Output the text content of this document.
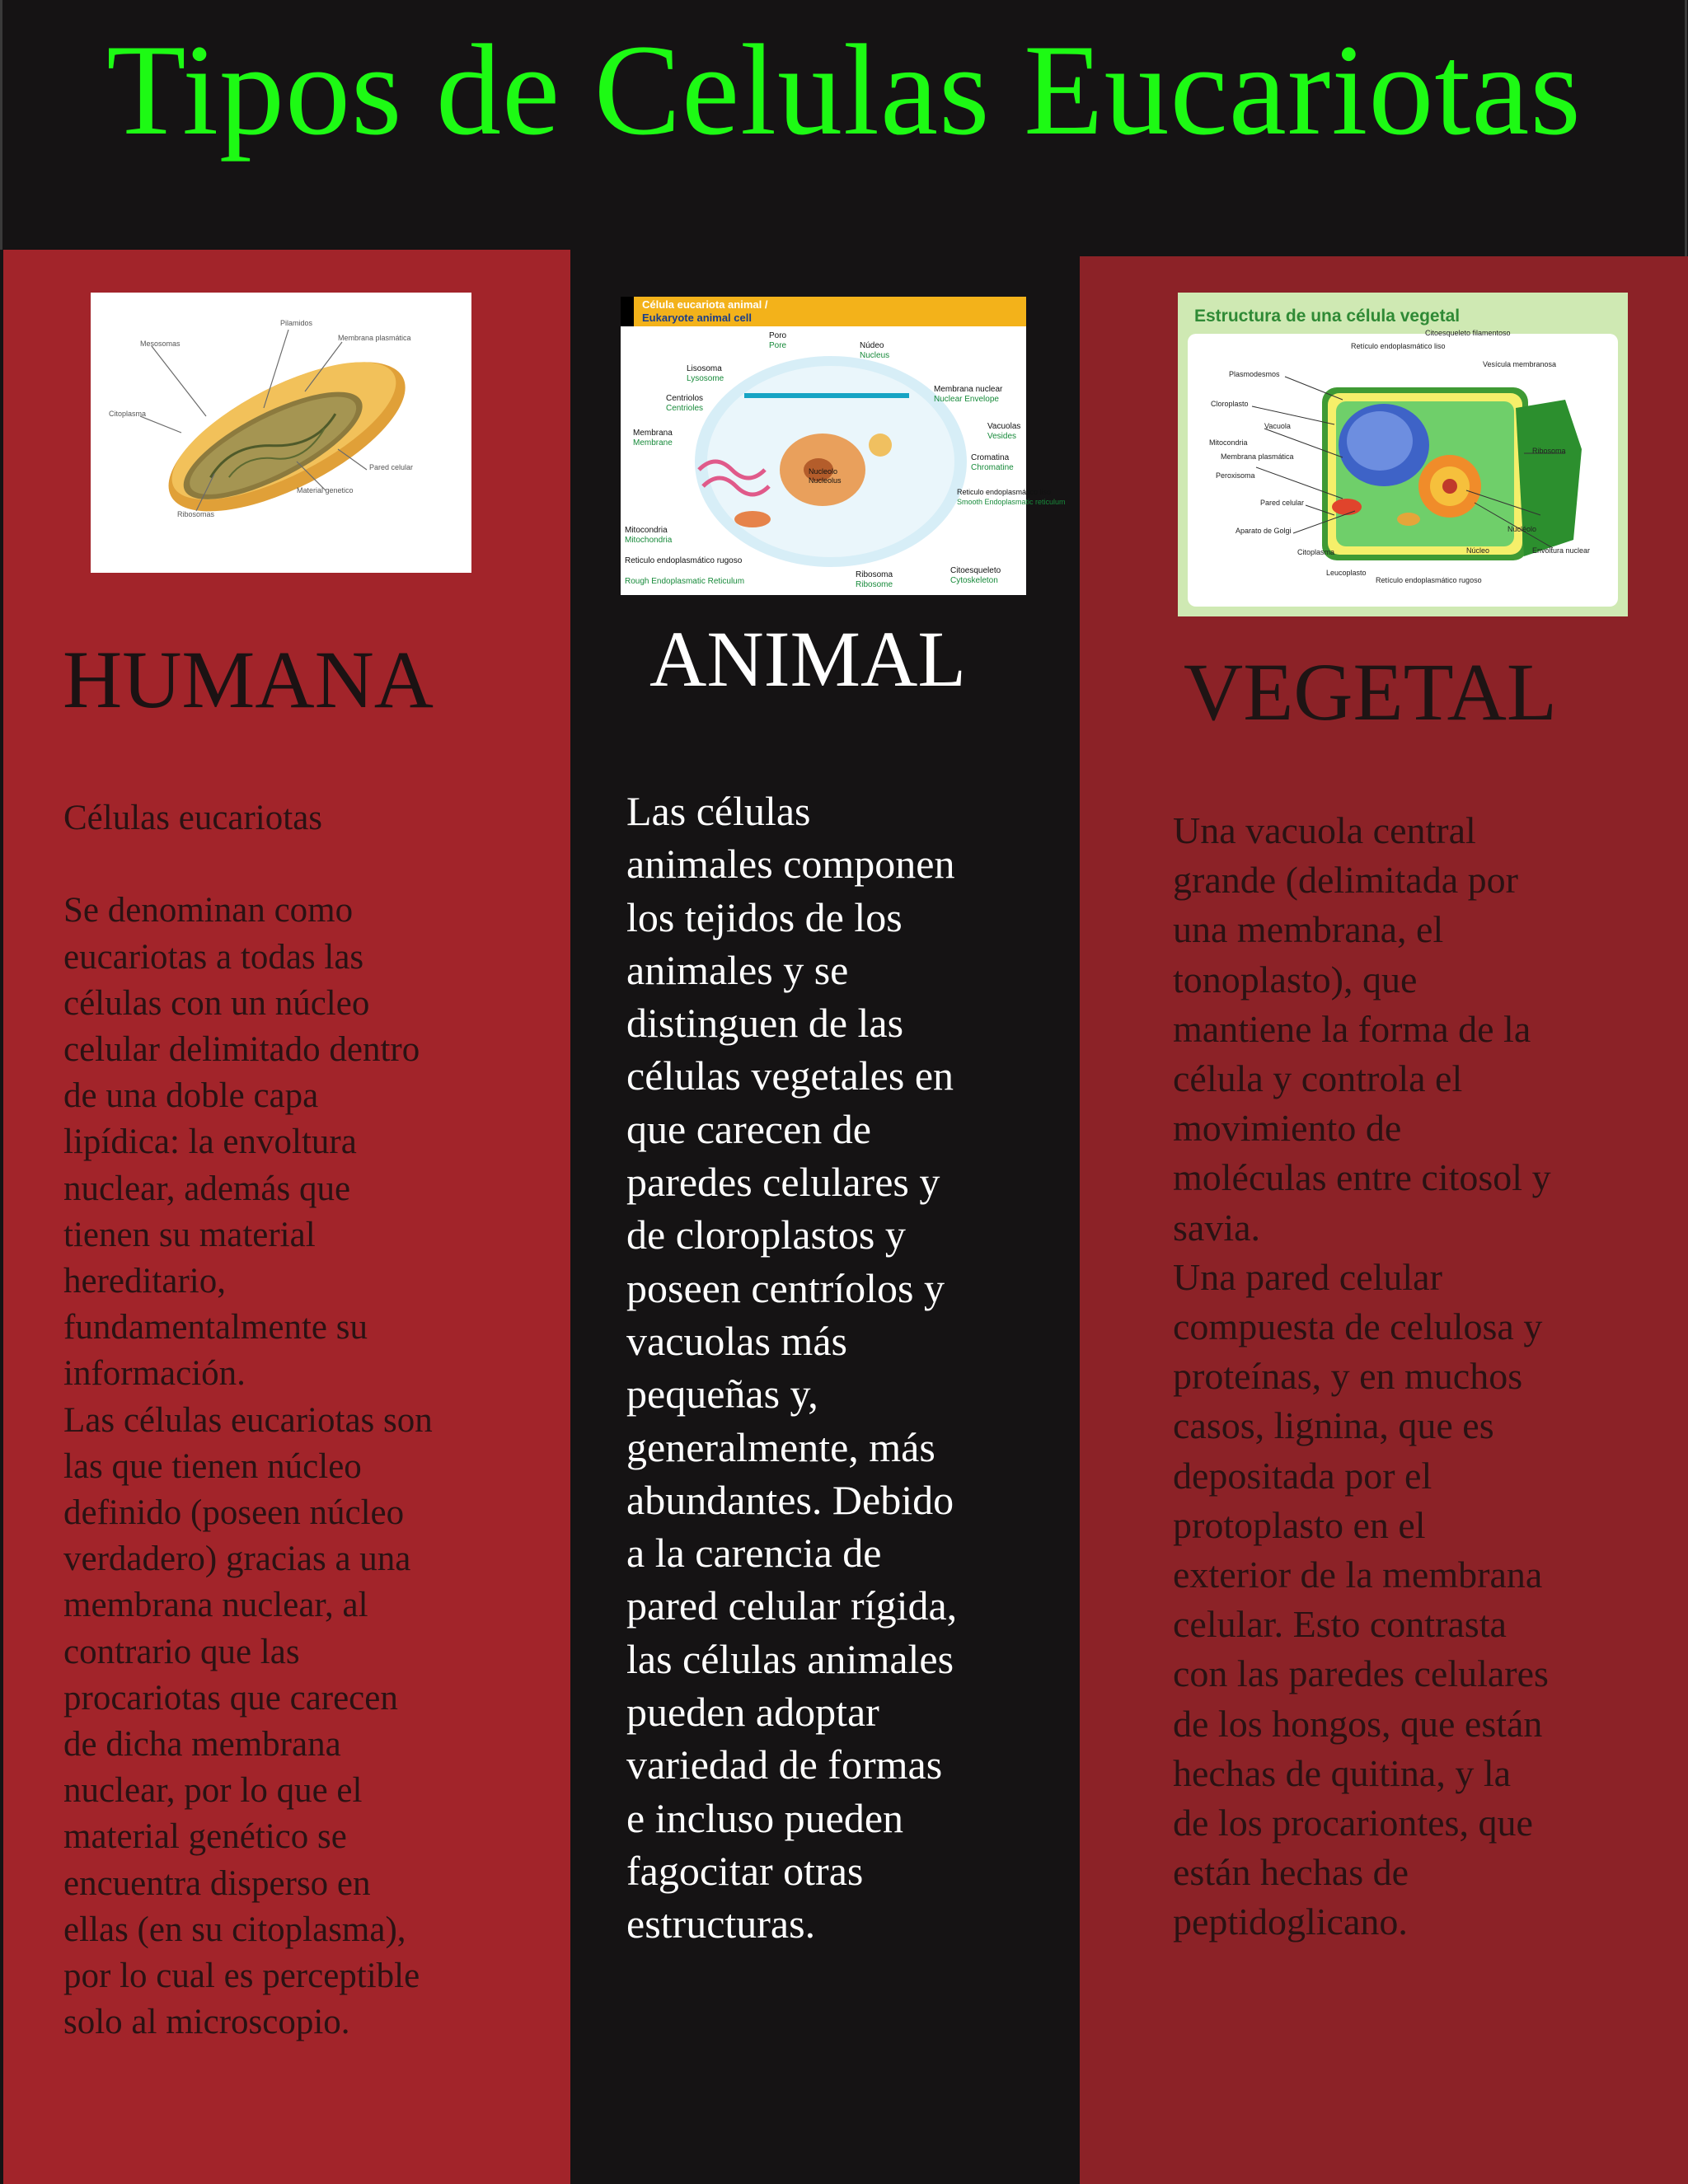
Tipos de Celulas Eucariotas
Mesosomas
Pilamidos
Membrana plasmática
Citoplasma
Pared celular
Material genetico
Ribosomas
HUMANA
Células eucariotas

Se denominan como
eucariotas a todas las
células con un núcleo
celular delimitado dentro
de una doble capa
lipídica: la envoltura
nuclear, además que
tienen su material
hereditario,
fundamentalmente su
información.
Las células eucariotas son
las que tienen núcleo
definido (poseen núcleo
verdadero) gracias a una
membrana nuclear, al
contrario que las
procariotas que carecen
de dicha membrana
nuclear, por lo que el
material genético se
encuentra disperso en
ellas (en su citoplasma),
por lo cual es perceptible
solo al microscopio.
Célula eucariota animal /
Eukaryote animal cell
Poro
Pore	Núdeo
Nucleus
Lisosoma
Lysosome
Membrana nuclear
Nuclear Envelope
Centriolos
Centrioles
Vacuolas
Vesides
Membrana
Membrane
Cromatina
Chromatine
Nucleolo
Nucleolus
Reticulo endoplasmático liso
Smooth Endoplasmatic reticulum
Mitocondria
Mitochondria
Reticulo endoplasmático rugoso
Rough Endoplasmatic Reticulum
Ribosoma
Ribosome
Citoesqueleto
Cytoskeleton
ANIMAL
Las células
animales componen
los tejidos de los
animales y se
distinguen de las
células vegetales en
que carecen de
paredes celulares y
de cloroplastos y
poseen centríolos y
vacuolas más
pequeñas y,
generalmente, más
abundantes. Debido
a la carencia de
pared celular rígida,
las células animales
pueden adoptar
variedad de formas
e incluso pueden
fagocitar otras
estructuras.
Estructura de una célula vegetal
Citoesqueleto filamentoso
Retículo endoplasmático liso
Vesícula membranosa
Plasmodesmos
Cloroplasto
Vacuola
Mitocondria
Membrana plasmática
Peroxisoma
Ribosoma
Pared celular
Aparato de Golgi	Nucléolo
Citoplasma	Núcleo	Envoltura nuclear
Leucoplasto
Retículo endoplasmático rugoso
VEGETAL
Una vacuola central
grande (delimitada por
una membrana, el
tonoplasto), que
mantiene la forma de la
célula y controla el
movimiento de
moléculas entre citosol y
savia.
Una pared celular
compuesta de celulosa y
proteínas, y en muchos
casos, lignina, que es
depositada por el
protoplasto en el
exterior de la membrana
celular. Esto contrasta
con las paredes celulares
de los hongos, que están
hechas de quitina, y la
de los procariontes, que
están hechas de
peptidoglicano.
